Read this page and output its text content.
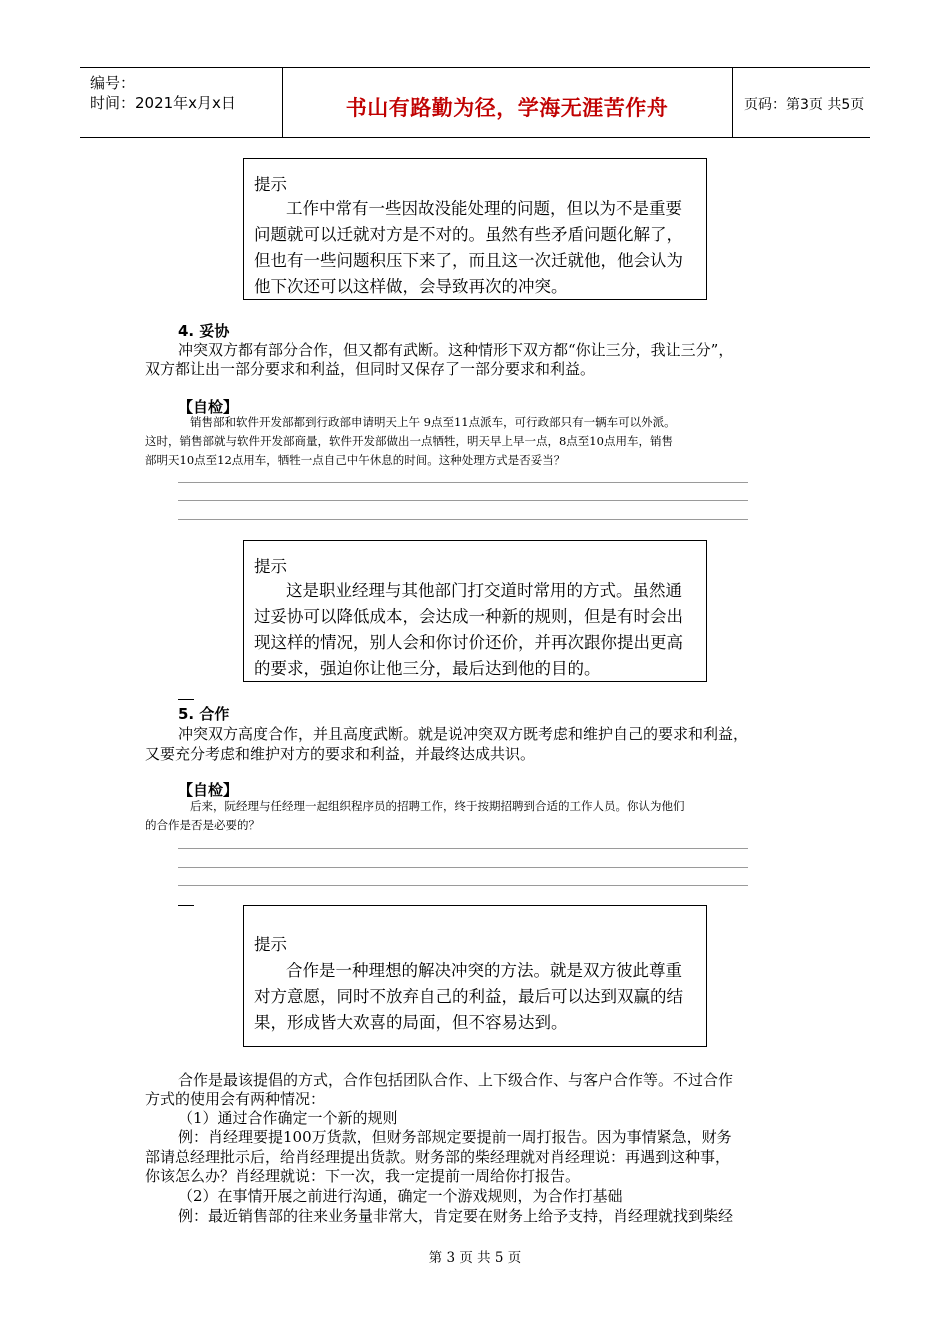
编号：
时间：2021年x月x日	书山有路勤为径，学海无涯苦作舟	页码：第3页 共5页
提示
工作中常有一些因故没能处理的问题，但以为不是重要
问题就可以迁就对方是不对的。虽然有些矛盾问题化解了，
但也有一些问题积压下来了，而且这一次迁就他，他会认为
他下次还可以这样做，会导致再次的冲突。
4. 妥协
冲突双方都有部分合作，但又都有武断。这种情形下双方都“你让三分，我让三分”，
双方都让出一部分要求和利益，但同时又保存了一部分要求和利益。
【自检】
销售部和软件开发部都到行政部申请明天上午 9点至11点派车，可行政部只有一辆车可以外派。
这时，销售部就与软件开发部商量，软件开发部做出一点牺牲，明天早上早一点，8点至10点用车，销售
部明天10点至12点用车，牺牲一点自己中午休息的时间。这种处理方式是否妥当？
提示
这是职业经理与其他部门打交道时常用的方式。虽然通
过妥协可以降低成本，会达成一种新的规则，但是有时会出
现这样的情况，别人会和你讨价还价，并再次跟你提出更高
的要求，强迫你让他三分，最后达到他的目的。
5. 合作
冲突双方高度合作，并且高度武断。就是说冲突双方既考虑和维护自己的要求和利益，
又要充分考虑和维护对方的要求和利益，并最终达成共识。
【自检】
后来，阮经理与任经理一起组织程序员的招聘工作，终于按期招聘到合适的工作人员。你认为他们
的合作是否是必要的？
提示
合作是一种理想的解决冲突的方法。就是双方彼此尊重
对方意愿，同时不放弃自己的利益，最后可以达到双赢的结
果，形成皆大欢喜的局面，但不容易达到。
合作是最该提倡的方式，合作包括团队合作、上下级合作、与客户合作等。不过合作
方式的使用会有两种情况：
（1）通过合作确定一个新的规则
例：肖经理要提100万货款，但财务部规定要提前一周打报告。因为事情紧急，财务
部请总经理批示后，给肖经理提出货款。财务部的柴经理就对肖经理说：再遇到这种事，
你该怎么办？肖经理就说：下一次，我一定提前一周给你打报告。
（2）在事情开展之前进行沟通，确定一个游戏规则，为合作打基础
例：最近销售部的往来业务量非常大，肯定要在财务上给予支持，肖经理就找到柴经
第 3 页 共 5 页
